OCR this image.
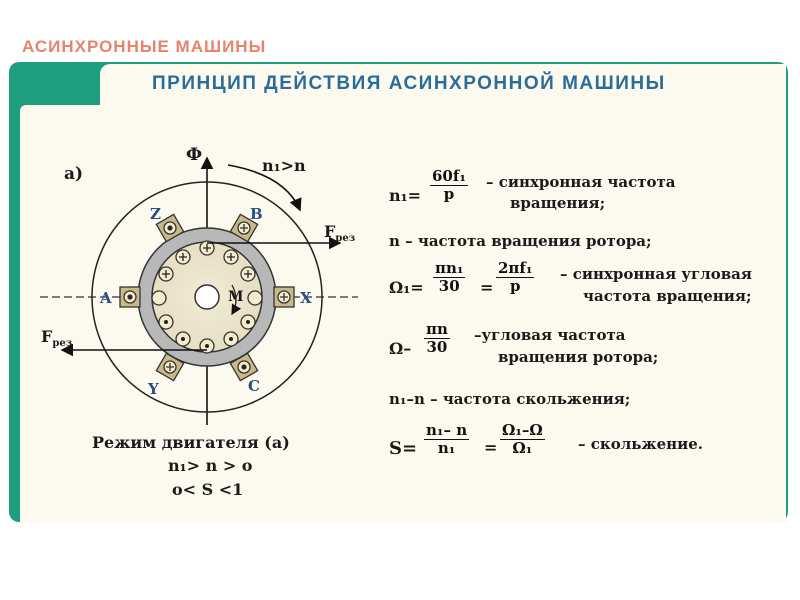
АСИНХРОННЫЕ МАШИНЫ
ПРИНЦИП ДЕЙСТВИЯ АСИНХРОННОЙ МАШИНЫ
а)
Ф
n₁>n
$F_{рез}$
$F_{рез}$
Z	B
A	X
Y	C
M
Режим двигателя (а)
n₁> n > o
o< S <1
$n_1= \frac{\text{60f₁}}{p}$ – синхронная частота
вращения;
n – частота вращения ротора;
$\Omega_1= \frac{\text{πn₁}}{30} = \frac{\text{2πf₁}}{p}$ – синхронная угловая
частота вращения;
$\Omega- \frac{\pi n}{30}$ –угловая частота
вращения ротора;
n₁–n – частота скольжения;
$S= \frac{\text{n₁– n}}{\text{n₁}} = \frac{\text{Ω₁–Ω}}{\text{Ω₁}}$ – скольжение.
